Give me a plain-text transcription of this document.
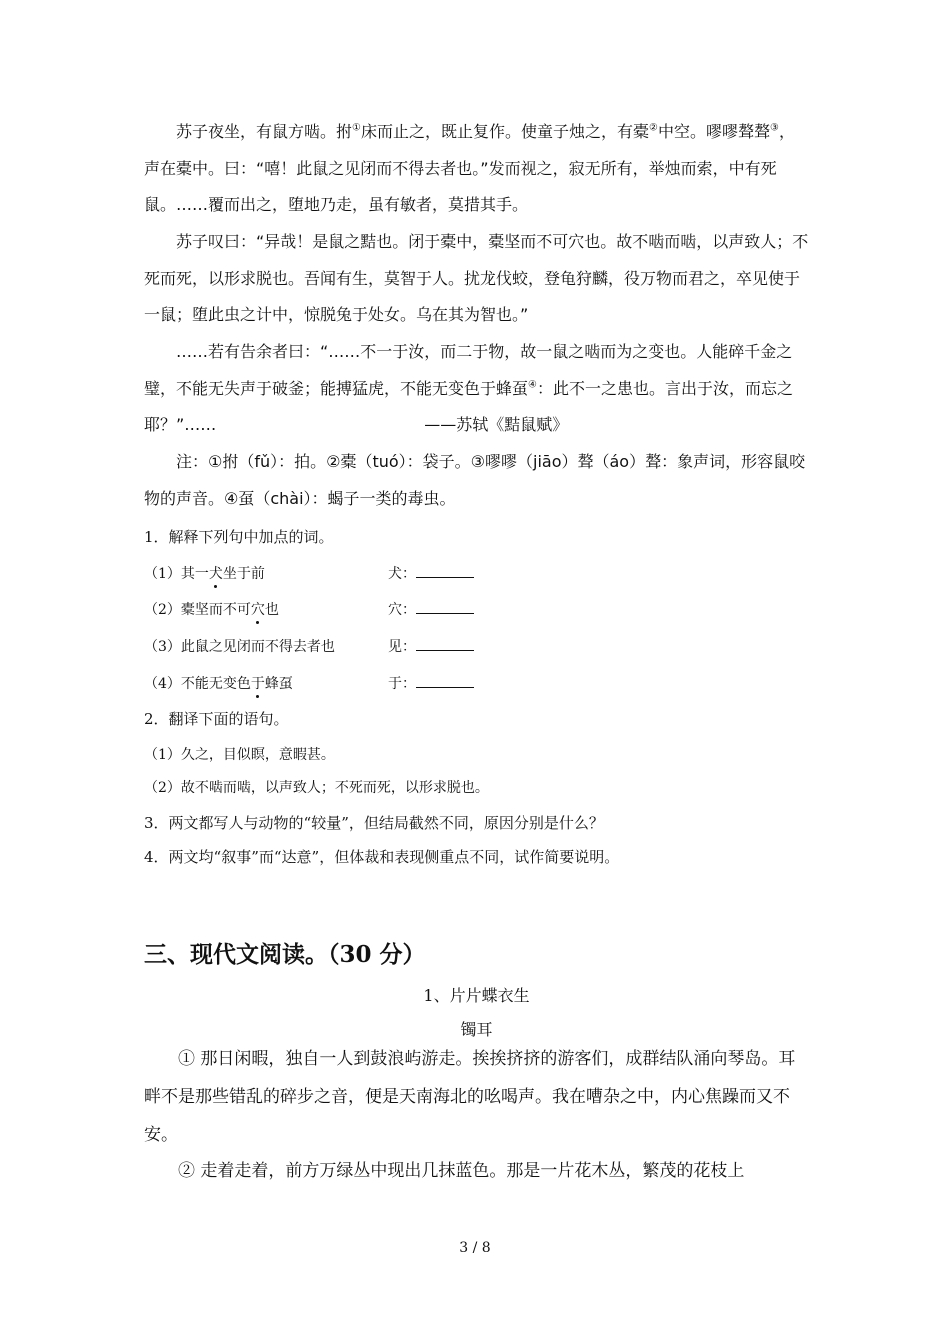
苏子夜坐，有鼠方啮。拊①床而止之，既止复作。使童子烛之，有橐②中空。嘐嘐聱聱③，声在橐中。曰：“嘻！此鼠之见闭而不得去者也。”发而视之，寂无所有，举烛而索，中有死鼠。……覆而出之，堕地乃走，虽有敏者，莫措其手。

苏子叹曰：“异哉！是鼠之黠也。闭于橐中，橐坚而不可穴也。故不啮而啮，以声致人；不死而死，以形求脱也。吾闻有生，莫智于人。扰龙伐蛟，登龟狩麟，役万物而君之，卒见使于一鼠；堕此虫之计中，惊脱兔于处女。乌在其为智也。”

……若有告余者曰：“……不一于汝，而二于物，故一鼠之啮而为之变也。人能碎千金之璧，不能无失声于破釜；能搏猛虎，不能无变色于蜂虿④：此不一之患也。言出于汝，而忘之耶？”……	——苏轼《黠鼠赋》

注：①拊（fǔ）：拍。②橐（tuó）：袋子。③嘐嘐（jiāo）聱（áo）聱：象声词，形容鼠咬物的声音。④虿（chài）：蝎子一类的毒虫。

1．解释下列句中加点的词。

（1）其一犬坐于前	犬：
（2）橐坚而不可穴也	穴：
（3）此鼠之见闭而不得去者也	见：
（4）不能无变色于蜂虿	于：

2．翻译下面的语句。

（1）久之，目似瞑，意暇甚。

（2）故不啮而啮，以声致人；不死而死，以形求脱也。

3．两文都写人与动物的“较量”，但结局截然不同，原因分别是什么？

4．两文均“叙事”而“达意”，但体裁和表现侧重点不同，试作简要说明。

三、现代文阅读。（30 分）

1、片片蝶衣生

镯耳

① 那日闲暇，独自一人到鼓浪屿游走。挨挨挤挤的游客们，成群结队涌向琴岛。耳畔不是那些错乱的碎步之音，便是天南海北的吆喝声。我在嘈杂之中，内心焦躁而又不安。

② 走着走着，前方万绿丛中现出几抹蓝色。那是一片花木丛，繁茂的花枝上

3 / 8
